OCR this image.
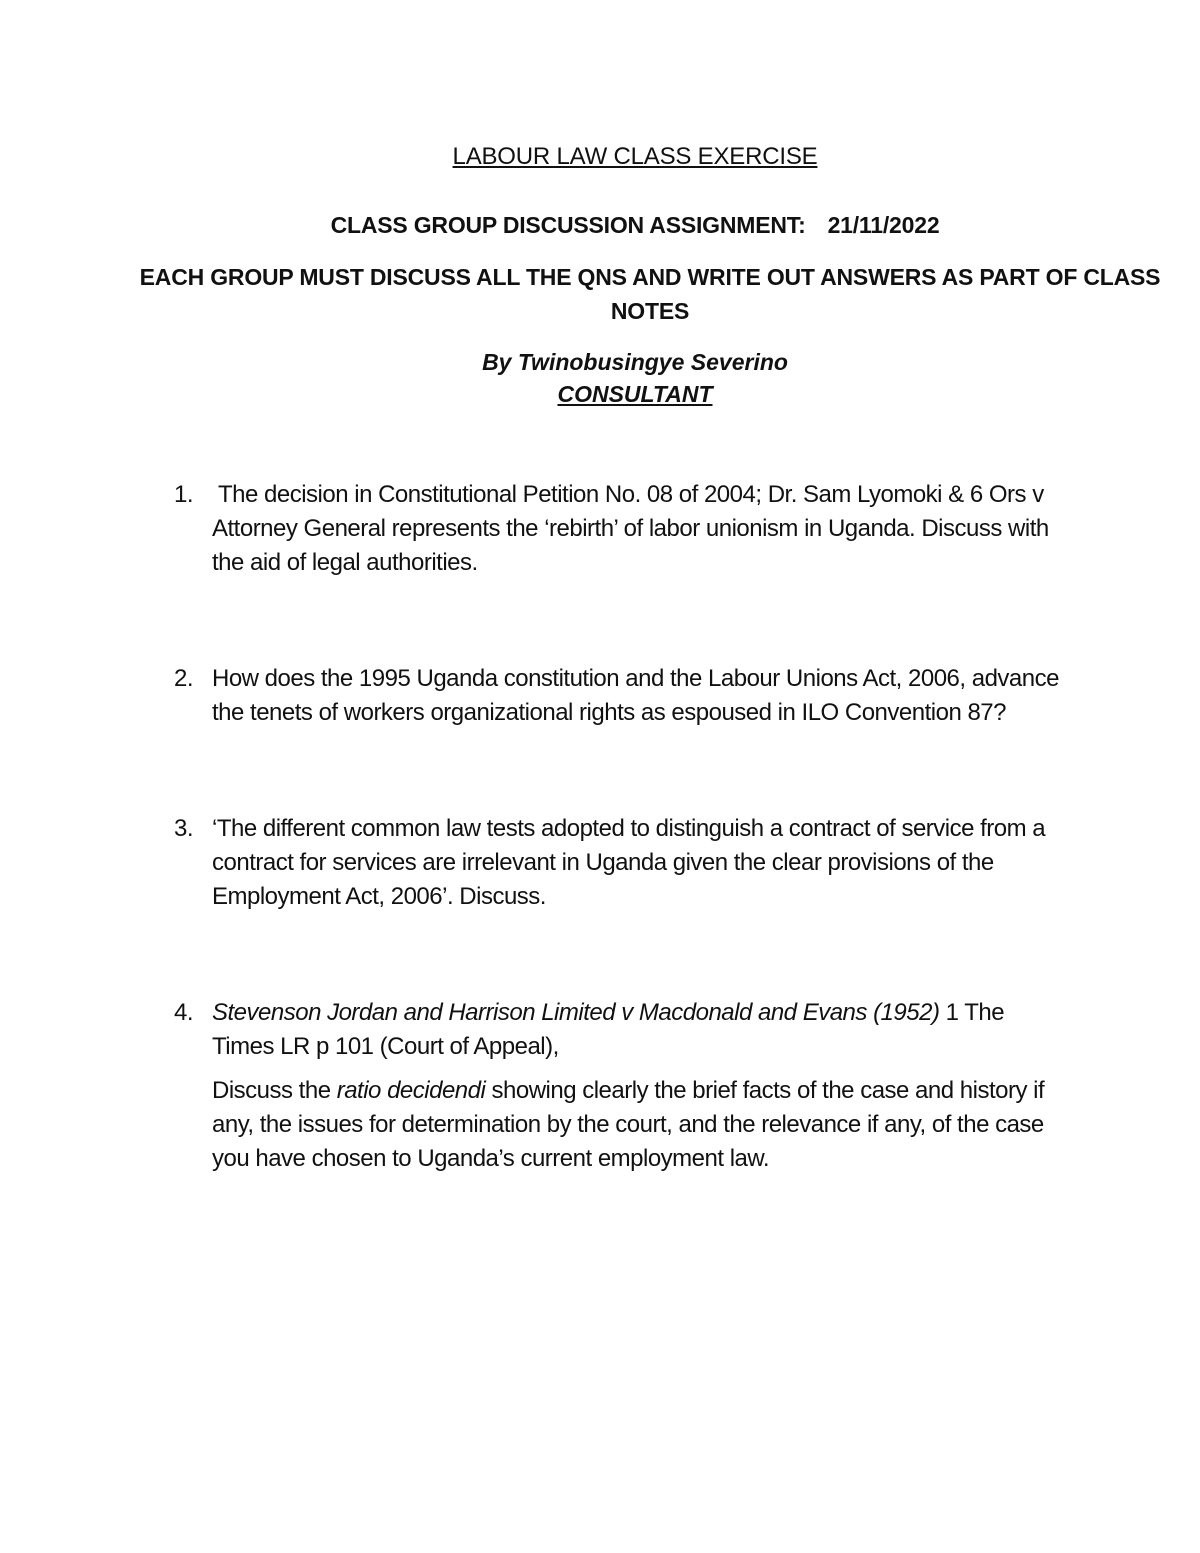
LABOUR LAW CLASS EXERCISE
CLASS GROUP DISCUSSION ASSIGNMENT: 21/11/2022
EACH GROUP MUST DISCUSS ALL THE QNS AND WRITE OUT ANSWERS AS PART OF CLASS NOTES
By Twinobusingye Severino
CONSULTANT
1. The decision in Constitutional Petition No. 08 of 2004; Dr. Sam Lyomoki & 6 Ors v Attorney General represents the ‘rebirth’ of labor unionism in Uganda. Discuss with the aid of legal authorities.
2. How does the 1995 Uganda constitution and the Labour Unions Act, 2006, advance the tenets of workers organizational rights as espoused in ILO Convention 87?
3. ‘The different common law tests adopted to distinguish a contract of service from a contract for services are irrelevant in Uganda given the clear provisions of the Employment Act, 2006’. Discuss.
4. Stevenson Jordan and Harrison Limited v Macdonald and Evans (1952) 1 The Times LR p 101 (Court of Appeal),
Discuss the ratio decidendi showing clearly the brief facts of the case and history if any, the issues for determination by the court, and the relevance if any, of the case you have chosen to Uganda’s current employment law.
